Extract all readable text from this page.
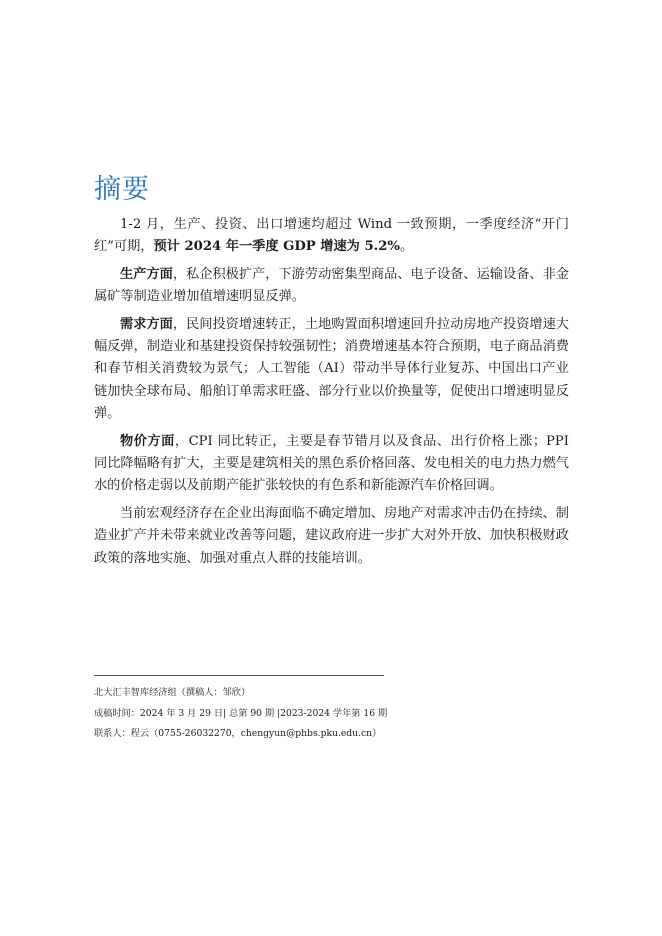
摘要

1-2 月，生产、投资、出口增速均超过 Wind 一致预期，一季度经济“开门红”可期，预计 2024 年一季度 GDP 增速为 5.2%。

生产方面，私企积极扩产，下游劳动密集型商品、电子设备、运输设备、非金属矿等制造业增加值增速明显反弹。

需求方面，民间投资增速转正，土地购置面积增速回升拉动房地产投资增速大幅反弹，制造业和基建投资保持较强韧性；消费增速基本符合预期，电子商品消费和春节相关消费较为景气；人工智能（AI）带动半导体行业复苏、中国出口产业链加快全球布局、船舶订单需求旺盛、部分行业以价换量等，促使出口增速明显反弹。

物价方面，CPI 同比转正，主要是春节错月以及食品、出行价格上涨；PPI 同比降幅略有扩大，主要是建筑相关的黑色系价格回落、发电相关的电力热力燃气水的价格走弱以及前期产能扩张较快的有色系和新能源汽车价格回调。

当前宏观经济存在企业出海面临不确定增加、房地产对需求冲击仍在持续、制造业扩产并未带来就业改善等问题，建议政府进一步扩大对外开放、加快积极财政政策的落地实施、加强对重点人群的技能培训。

北大汇丰智库经济组（撰稿人：邹欣）
成稿时间：2024 年 3 月 29 日| 总第 90 期 |2023-2024 学年第 16 期
联系人：程云（0755-26032270，chengyun@phbs.pku.edu.cn）
